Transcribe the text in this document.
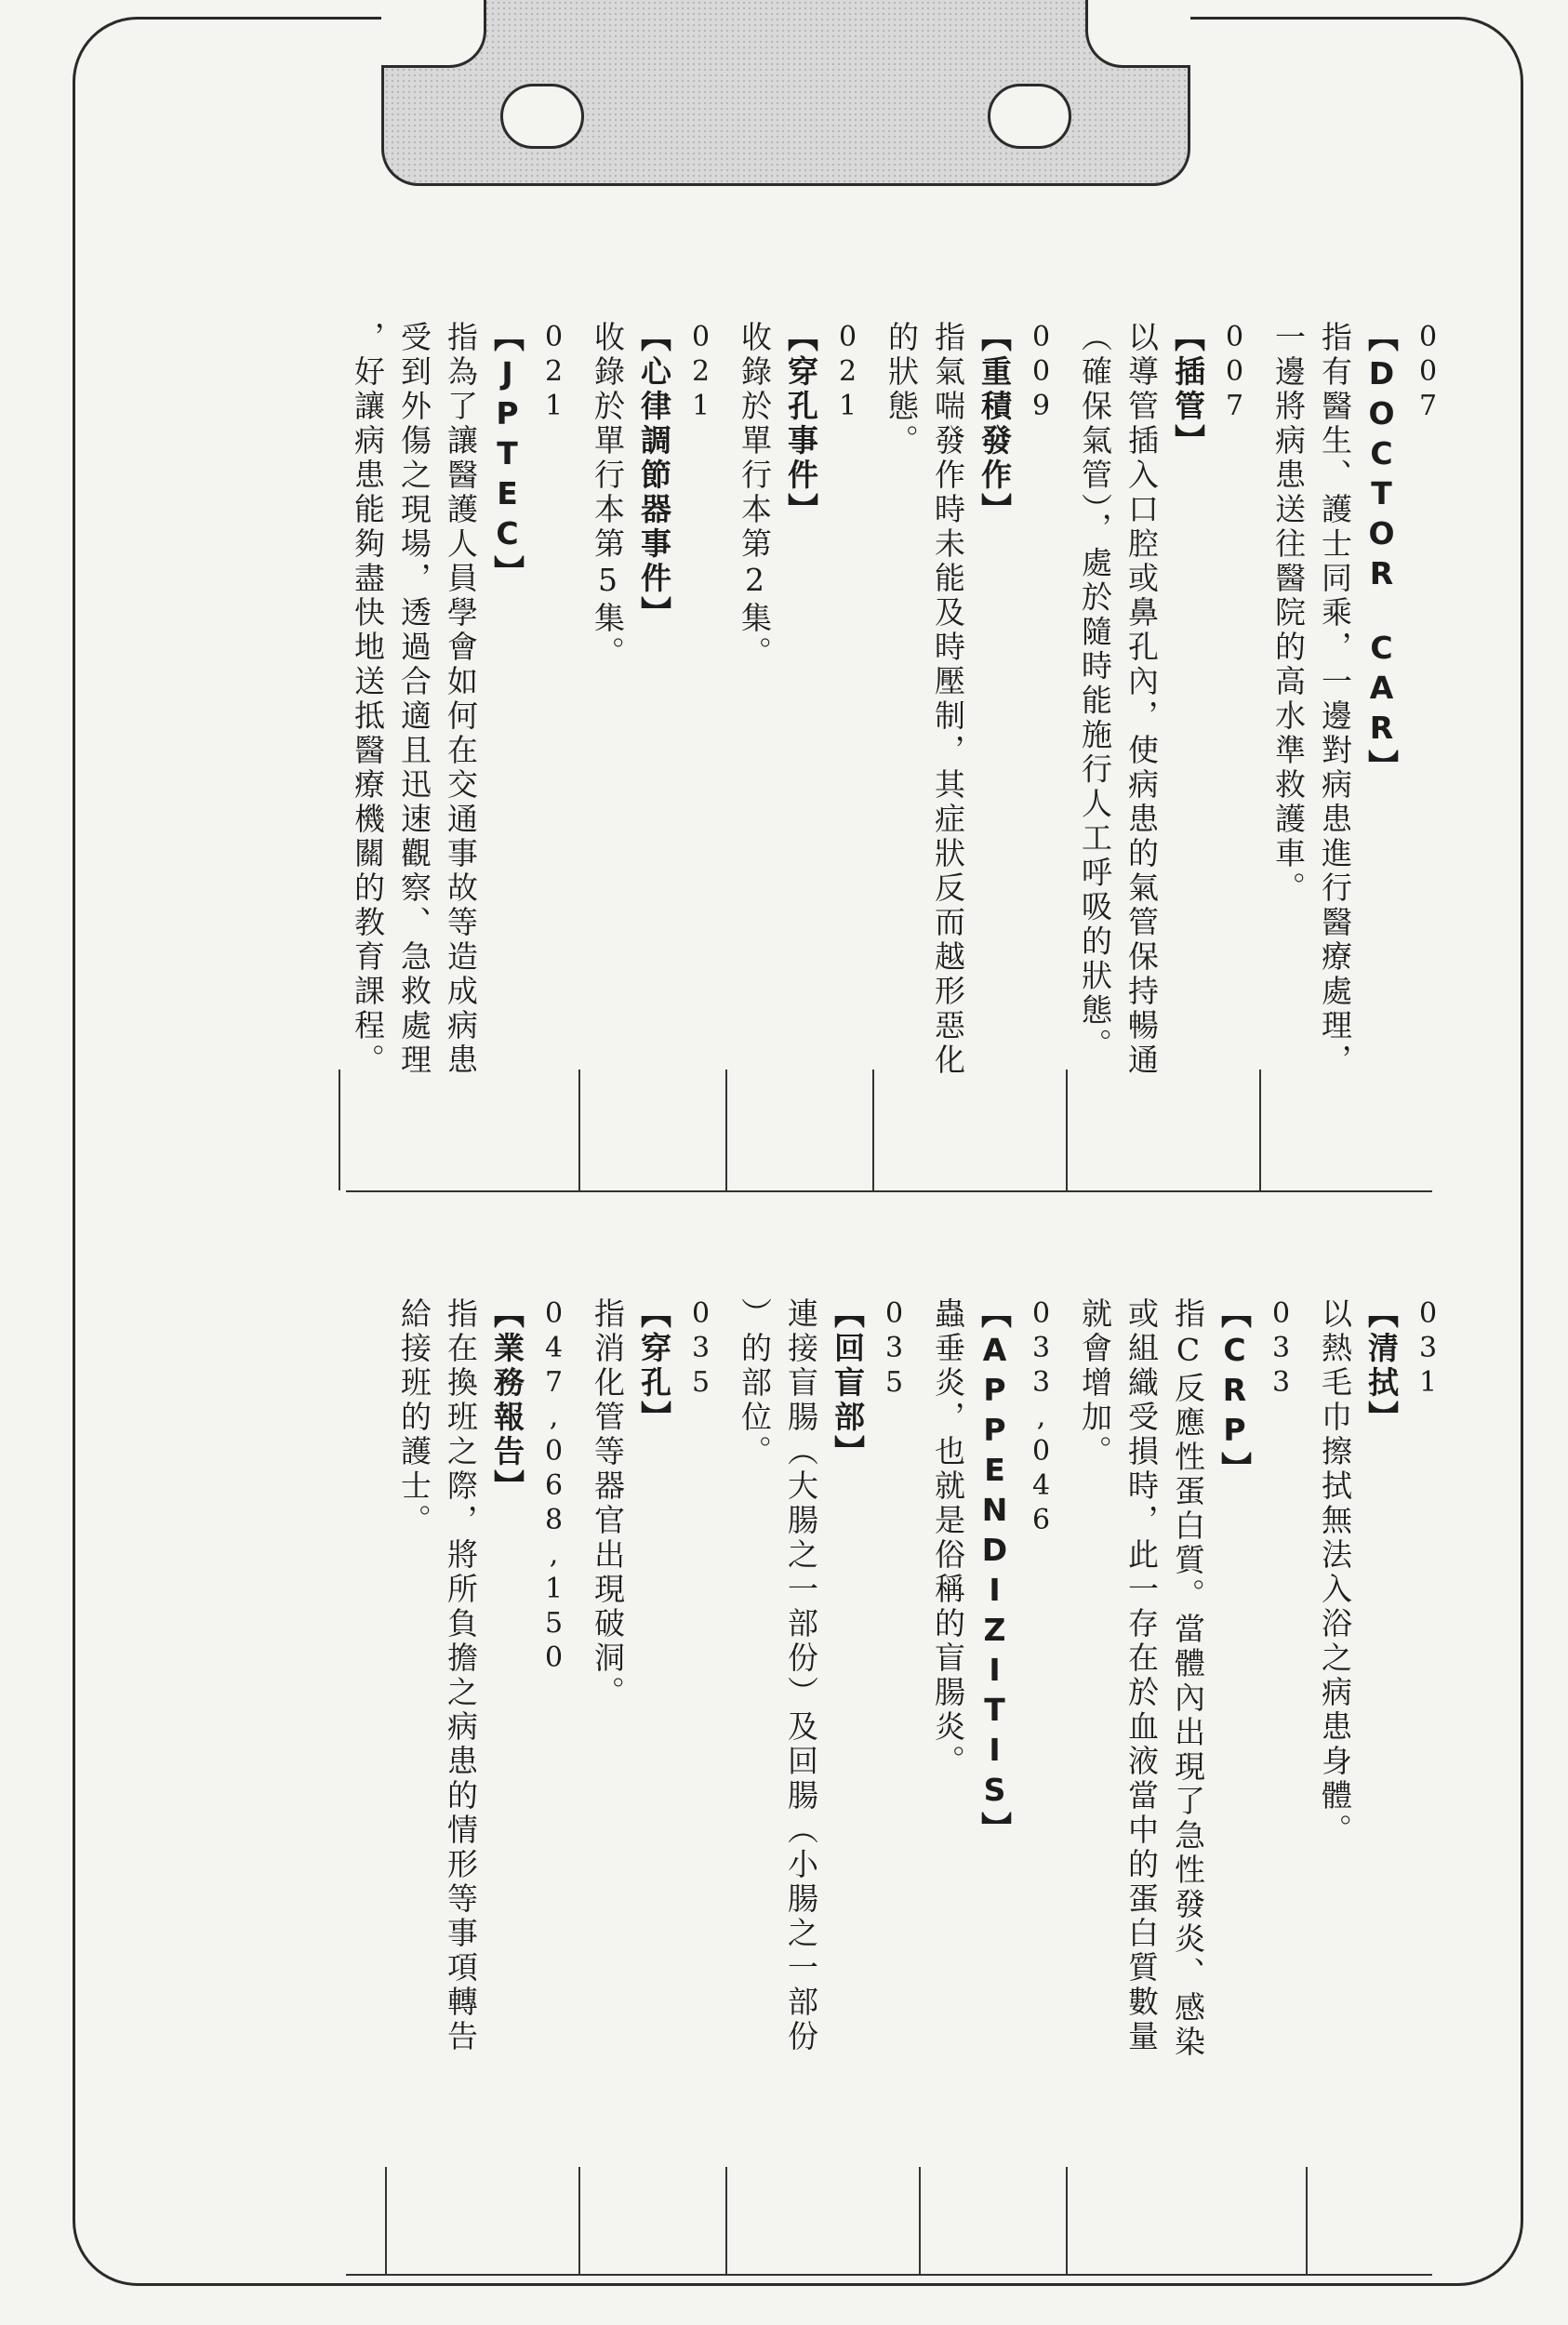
007
【DOCTOR　CAR】
指有醫生、護士同乘，一邊對病患進行醫療處理，
一邊將病患送往醫院的高水準救護車。
007
【插管】
以導管插入口腔或鼻孔內，使病患的氣管保持暢通
（確保氣管），處於隨時能施行人工呼吸的狀態。
009
【重積發作】
指氣喘發作時未能及時壓制，其症狀反而越形惡化
的狀態。
021
【穿孔事件】
收錄於單行本第2集。
021
【心律調節器事件】
收錄於單行本第5集。
021
【JPTEC】
指為了讓醫護人員學會如何在交通事故等造成病患
受到外傷之現場，透過合適且迅速觀察、急救處理
，好讓病患能夠盡快地送抵醫療機關的教育課程。
031
【清拭】
以熱毛巾擦拭無法入浴之病患身體。
033
【CRP】
指C反應性蛋白質。當體內出現了急性發炎、感染
或組織受損時，此一存在於血液當中的蛋白質數量
就會增加。
033,046
【APPENDIZITIS】
蟲垂炎，也就是俗稱的盲腸炎。
035
【回盲部】
連接盲腸（大腸之一部份）及回腸（小腸之一部份
）的部位。
035
【穿孔】
指消化管等器官出現破洞。
047,068,150
【業務報告】
指在換班之際，將所負擔之病患的情形等事項轉告
給接班的護士。
